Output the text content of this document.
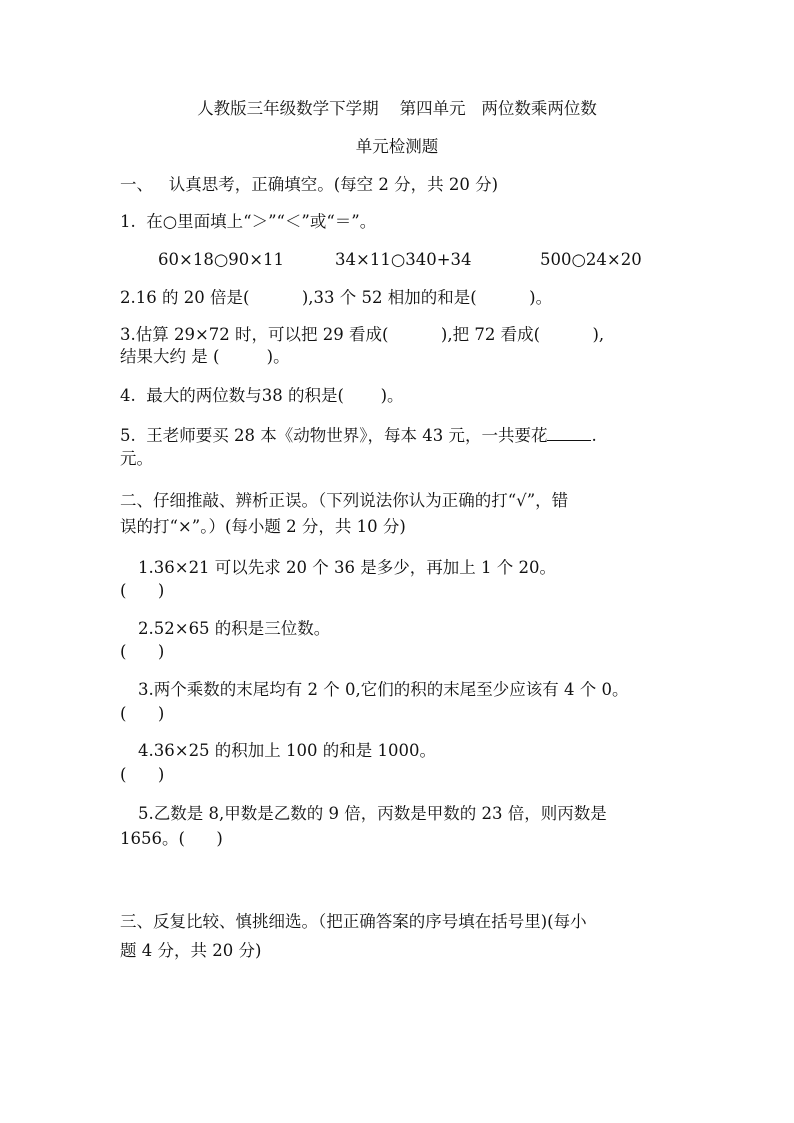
人教版三年级数学下学期    第四单元   两位数乘两位数
单元检测题
一、   认真思考，正确填空。(每空 2 分，共 20 分)
1.  在○里面填上“＞”“＜”或“＝”。
60×18○90×11	34×11○340+34	500○24×20
2.16 的 20 倍是(          ),33 个 52 相加的和是(          )。
3.估算 29×72 时，可以把 29 看成(          ),把 72 看成(          ),
结果大约 是 (         )。
4.  最大的两位数与38 的积是(       )。
5.  王老师要买 28 本《动物世界》，每本 43 元，一共要花	.
元。
二、仔细推敲、辨析正误。（下列说法你认为正确的打“√”，错
误的打“×”。）(每小题 2 分，共 10 分)
1.36×21 可以先求 20 个 36 是多少，再加上 1 个 20。
(      )
2.52×65 的积是三位数。
(      )
3.两个乘数的末尾均有 2 个 0,它们的积的末尾至少应该有 4 个 0。
(      )
4.36×25 的积加上 100 的和是 1000。
(      )
5.乙数是 8,甲数是乙数的 9 倍，丙数是甲数的 23 倍，则丙数是
1656。(      )
三、反复比较、慎挑细选。（把正确答案的序号填在括号里)(每小
题 4 分，共 20 分)
